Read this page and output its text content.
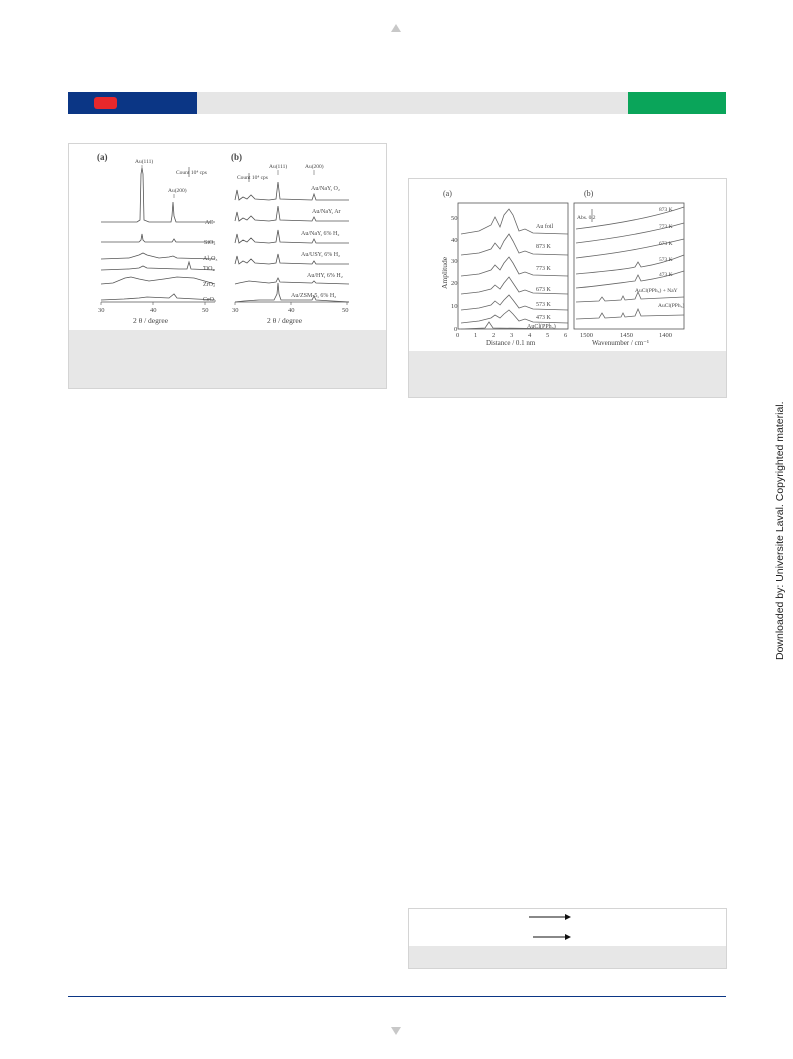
(a)	Au(111)
Au(200)
Count 10⁴ cps
AC
SiO₂
Al₂O₃
TiO₂
ZrO₂
CeO₂
30	40	50
2 θ / degree
(b)
Au(111)	Au(200)
Count 10⁴ cps
Au/NaY, O₂
Au/NaY, Ar
Au/NaY, 6% H₂
Au/USY, 6% H₂
Au/HY, 6% H₂
Au/ZSM-5, 6% H₂
30	40	50
2 θ / degree
(a)
Amplitude
50
40
30
20
10
0
Au foil
873 K
773 K
673 K
573 K
473 K
AuCl(PPh₃)
0 1 2 3 4 5 6
Distance / 0.1 nm
(b)
Abs. 0.2
873 K
773 K
673 K
573 K
473 K
AuCl(PPh₃) + NaY
AuCl(PPh₃)
1500	1450	1400
Wavenumber / cm⁻¹
Downloaded by: Universite Laval. Copyrighted material.
